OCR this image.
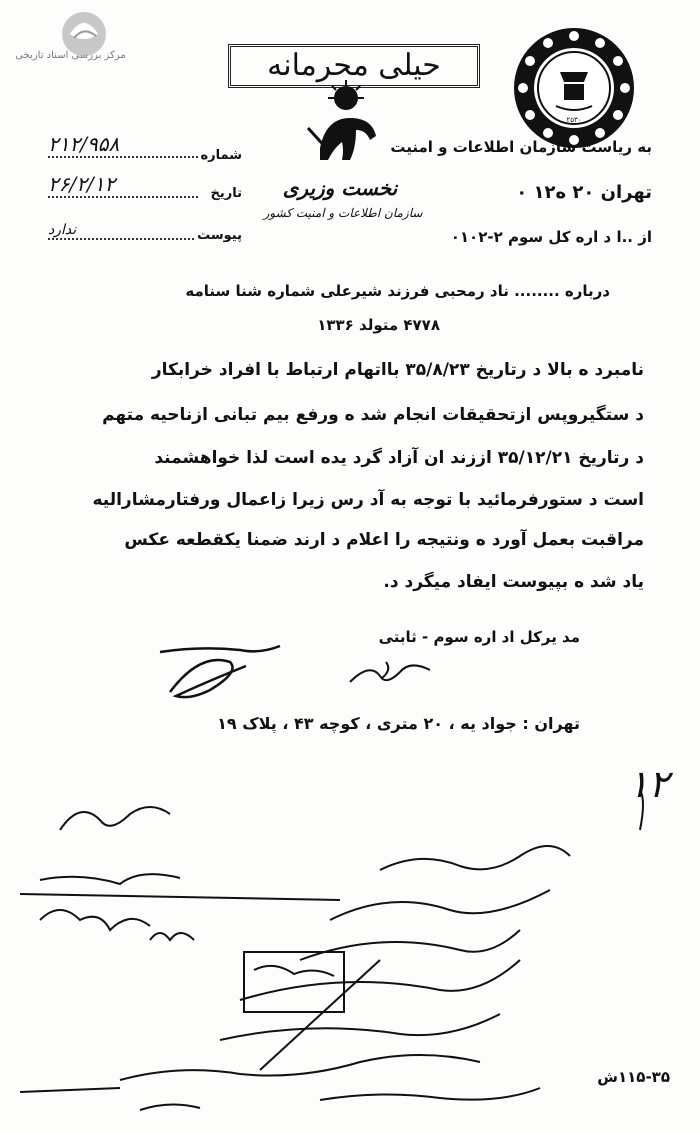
مرکز بررسی اسناد تاریخی	حیلی محرمانه
۲۵۳۰
نخست وزیری
سازمان اطلاعات و امنیت کشور
به ریاست سازمان اطلاعات و امنیت
تهران ۲۰ ه۱۲ ۰
از ..ا د اره کل سوم ۲-۰۱۰۲
شماره
۲۱۲/۹۵۸
تاریخ
۲۶/۲/۱۲
پیوست
ندارد
درباره ........ ناد رمحبی فرزند شیرعلی شماره شنا سنامه
۴۷۷۸ متولد ۱۳۳۶
نامبرد ه بالا د رتاریخ ۳۵/۸/۲۳ بااتهام ارتباط با افراد خرابکار
د ستگیروپس ازتحقیقات انجام شد ه ورفع بیم تبانی ازناحیه متهم
د رتاریخ ۳۵/۱۲/۲۱ اززند ان آزاد گرد یده است لذا خواهشمند
است د ستورفرمائید با توجه به آد رس زیرا زاعمال ورفتارمشارالیه
مراقبت بعمل آورد ه ونتیجه را اعلام د ارند ضمنا یکقطعه عکس
یاد شد ه بپیوست ایفاد میگرد د.
مد یرکل اد اره سوم - ثابتی
تهران : جواد یه ، ۲۰ متری ، کوچه ۴۳ ، پلاک ۱۹
۱۲
۱۱۵-۳۵ش
